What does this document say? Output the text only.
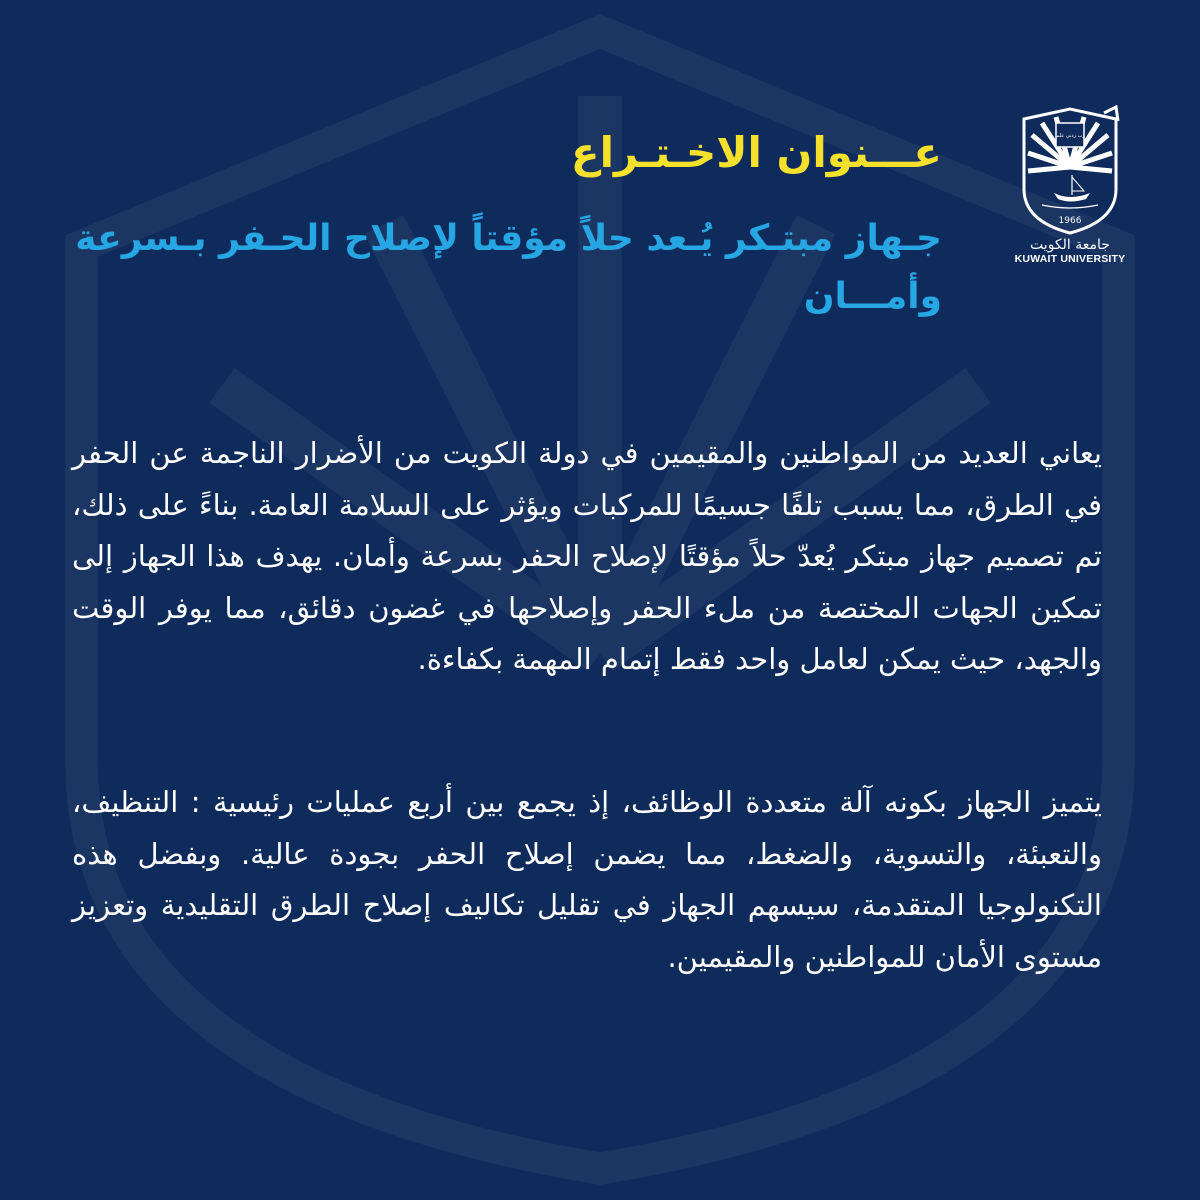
1966
رب زدني علما
جامعة الكويت
KUWAIT UNIVERSITY
عـــنوان الاخـتـراع
جـهاز مبتـكر يُـعد حلاً مؤقتاً لإصلاح الحـفر بـسرعة وأمـــان

يعاني العديد من المواطنين والمقيمين في دولة الكويت من الأضرار الناجمة عن الحفر في الطرق، مما يسبب تلفًا جسيمًا للمركبات ويؤثر على السلامة العامة. بناءً على ذلك، تم تصميم جهاز مبتكر يُعدّ حلاً مؤقتًا لإصلاح الحفر بسرعة وأمان. يهدف هذا الجهاز إلى تمكين الجهات المختصة من ملء الحفر وإصلاحها في غضون دقائق، مما يوفر الوقت والجهد، حيث يمكن لعامل واحد فقط إتمام المهمة بكفاءة.

يتميز الجهاز بكونه آلة متعددة الوظائف، إذ يجمع بين أربع عمليات رئيسية : التنظيف، والتعبئة، والتسوية، والضغط، مما يضمن إصلاح الحفر بجودة عالية. وبفضل هذه التكنولوجيا المتقدمة، سيسهم الجهاز في تقليل تكاليف إصلاح الطرق التقليدية وتعزيز مستوى الأمان للمواطنين والمقيمين.
